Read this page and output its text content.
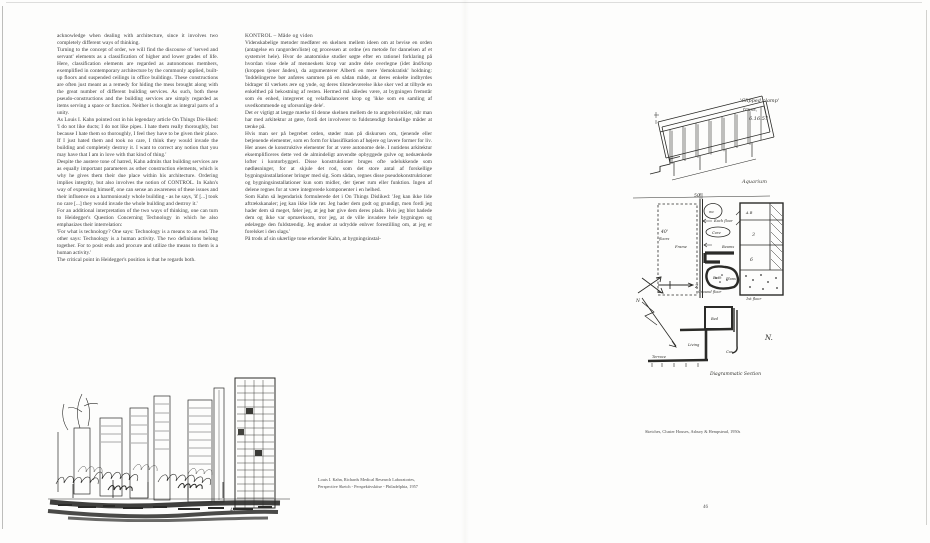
acknowledge when dealing with architecture, since it involves two completely different ways of thinking.

Turning to the concept of order, we will find the discourse of 'served and servant' elements as a classification of higher and lower grades of life. Here, classification elements are regarded as autonomous members, exemplified in contemporary architecture by the commonly applied, built-up floors and suspended ceilings in office buildings. These constructions are often just meant as a remedy for hiding the mess brought along with the great number of different building services. As such, both these pseudo-constructions and the building services are simply regarded as items serving a space or function. Neither is thought as integral parts of a unity.

As Louis I. Kahn pointed out in his legendary article On Things Dis-liked: 'I do not like ducts; I do not like pipes. I hate them really thoroughly, but because I hate them so thoroughly, I feel they have to be given their place. If I just hated them and took no care, I think they would invade the building and completely destroy it. I want to correct any notion that you may have that I am in love with that kind of thing.'

Despite the austere tone of hatred, Kahn admits that building services are as equally important parameters as other construction elements, which is why he gives them their due place within his architecture. Ordering implies integrity, but also involves the notion of CONTROL. In Kahn's way of expressing himself, one can sense an awareness of these issues and their influence on a harmoniously whole building - as he says, 'if [...] took no care [...] they would invade the whole building and destroy it.'

For an additional interpretation of the two ways of thinking, one can turn to Heidegger's Question Concerning Technology in which he also emphasizes their interrelation:

'For what is technology? One says: Technology is a means to an end. The other says: Technology is a human activity. The two definitions belong together. For to posit ends and procure and utilize the means to them is a human activity.'

The critical point in Heidegger's position is that he regards both.

KONTROL – Måde og viden

Videnskabelige metoder medfører en skelnen mellem ideen om at bevise en orden (antagelse en rangorden/liste) og processen at ordne (en metode for dannelsen af et system/et hele). Hvor de anatomiske studier søgte efter en rationel forklaring på hvordan visse dele af menneskets krop var andre dele overlegne (idet ånd/krop (kroppen tjener ånden), da argumenterer Alberti en mere 'demokratisk' holdning: 'Inddelingerne bør anføres sammen på en sådan måde, at deres enkelte indbyrdes bidrager til værkets ære og ynde, og deres tilstedeværelse ikke sker ved at tilbyde en enkelthed på bekostning af resten. Hermed må således være, at bygningen fremstår som én enhed, integreret og velafbalanceret krop og 'ikke som en samling af uvedkommende og uforsonlige dele'.

Det er vigtigt at lægge mærke til denne skelnen mellem de to angrebsvinkler, når man har med arkitektur at gøre, fordi det involverer to fuldstændigt forskellige måder at tænke på.

Hvis man ser på begrebet orden, støder man på diskursen om, tjenende eller betjenende elementer, som en form for klassifikation af højere og lavere former for liv. Her anses de konstruktive elementer for at være autonome dele. I nutidens arkitektur eksemplificeres dette ved de almindeligt anvendte opbyggede gulve og nedsænkede lofter i kontorbyggeri. Disse konstruktioner bruges ofte udelukkende som nødløsninger, for at skjule det rod, som det store antal af forskellige bygningsinstallationer bringer med sig. Som sådan, regnes disse pseudokonstruktioner og bygningsinstallationer kun som midler, der tjener rum eller funktion. Ingen af delene regnes for at være integrerede komponenter i en helhed.

Som Kahn så legendarisk formulerede det i On Things Disliked: 'Jeg kan ikke lide aftrækskanaler; jeg kan ikke lide rør. Jeg hader dem godt og grundigt, men fordi jeg hader dem så meget, føler jeg, at jeg bør give dem deres plads. Hvis jeg blot hadede dem og ikke var opmærksom, tror jeg, at de ville invadere hele bygningen og ødelægge den fuldstændig. Jeg ønsker at udrydde enhver forestilling om, at jeg er forelsket i den slags.'

På trods af sin ukærlige tone erkender Kahn, at bygningsinstal-

Louis I. Kahn, Richards Medical Research Laboratories,
Perspective Sketch - Perspektivskitse - Philadelphia, 1957
45
'Clipped clamp'
truss,
6.16.57
Aquarium
50'
40'
floors
wc
Each floor
Core
Frame	Beams
Bath
A B
3
6
N
Z
Ground floor
Plans
1st floor
Terrace
Living
Bed
Car.
N.
Diagrammatic Section
Sketches, Cluster Houses, Asbury & Hempstead, 1950s
46
